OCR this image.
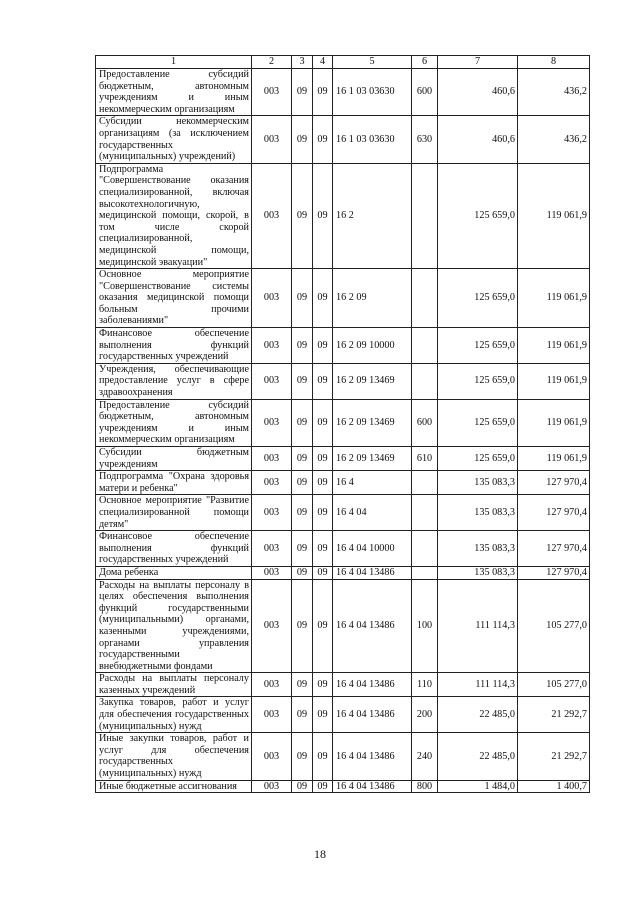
1	2	3	4	5	6	7	8
Предоставление субсидий бюджетным, автономным учреждениям и иным некоммерческим организациям	003	09	09	16 1 03 03630	600	460,6	436,2
Субсидии некоммерческим организациям (за исключением государственных (муниципальных) учреждений)	003	09	09	16 1 03 03630	630	460,6	436,2
Подпрограмма "Совершенствование оказания специализированной, включая высокотехнологичную, медицинской помощи, скорой, в том числе скорой специализированной, медицинской помощи, медицинской эвакуации"	003	09	09	16 2		125 659,0	119 061,9
Основное мероприятие "Совершенствование системы оказания медицинской помощи больным прочими заболеваниями"	003	09	09	16 2 09		125 659,0	119 061,9
Финансовое обеспечение выполнения функций государственных учреждений	003	09	09	16 2 09 10000		125 659,0	119 061,9
Учреждения, обеспечивающие предоставление услуг в сфере здравоохранения	003	09	09	16 2 09 13469		125 659,0	119 061,9
Предоставление субсидий бюджетным, автономным учреждениям и иным некоммерческим организациям	003	09	09	16 2 09 13469	600	125 659,0	119 061,9
Субсидии бюджетным учреждениям	003	09	09	16 2 09 13469	610	125 659,0	119 061,9
Подпрограмма "Охрана здоровья матери и ребенка"	003	09	09	16 4		135 083,3	127 970,4
Основное мероприятие "Развитие специализированной помощи детям"	003	09	09	16 4 04		135 083,3	127 970,4
Финансовое обеспечение выполнения функций государственных учреждений	003	09	09	16 4 04 10000		135 083,3	127 970,4
Дома ребенка	003	09	09	16 4 04 13486		135 083,3	127 970,4
Расходы на выплаты персоналу в целях обеспечения выполнения функций государственными (муниципальными) органами, казенными учреждениями, органами управления государственными внебюджетными фондами	003	09	09	16 4 04 13486	100	111 114,3	105 277,0
Расходы на выплаты персоналу казенных учреждений	003	09	09	16 4 04 13486	110	111 114,3	105 277,0
Закупка товаров, работ и услуг для обеспечения государственных (муниципальных) нужд	003	09	09	16 4 04 13486	200	22 485,0	21 292,7
Иные закупки товаров, работ и услуг для обеспечения государственных (муниципальных) нужд	003	09	09	16 4 04 13486	240	22 485,0	21 292,7
Иные бюджетные ассигнования	003	09	09	16 4 04 13486	800	1 484,0	1 400,7
18
